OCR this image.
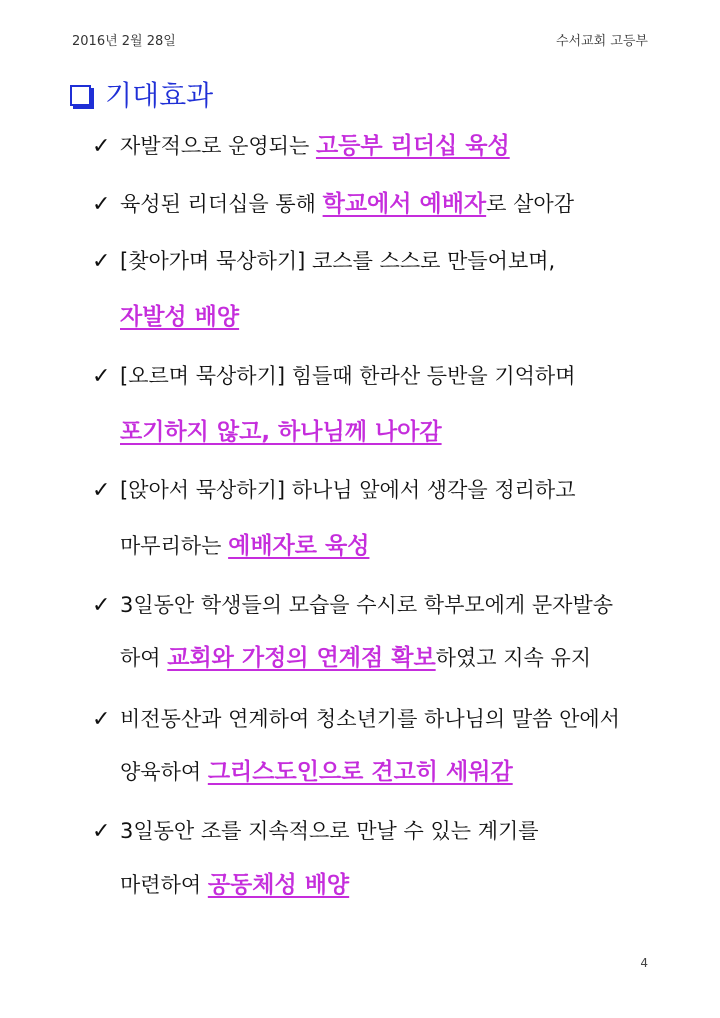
2016년 2월 28일	수서교회 고등부
기대효과
✓ 자발적으로 운영되는 고등부 리더십 육성
✓ 육성된 리더십을 통해 학교에서 예배자로 살아감
✓ [찾아가며 묵상하기] 코스를 스스로 만들어보며,
자발성 배양
✓ [오르며 묵상하기] 힘들때 한라산 등반을 기억하며
포기하지 않고, 하나님께 나아감
✓ [앉아서 묵상하기] 하나님 앞에서 생각을 정리하고
마무리하는 예배자로 육성
✓ 3일동안 학생들의 모습을 수시로 학부모에게 문자발송
하여 교회와 가정의 연계점 확보하였고 지속 유지
✓ 비전동산과 연계하여 청소년기를 하나님의 말씀 안에서
양육하여 그리스도인으로 견고히 세워감
✓ 3일동안 조를 지속적으로 만날 수 있는 계기를
마련하여 공동체성 배양
4
